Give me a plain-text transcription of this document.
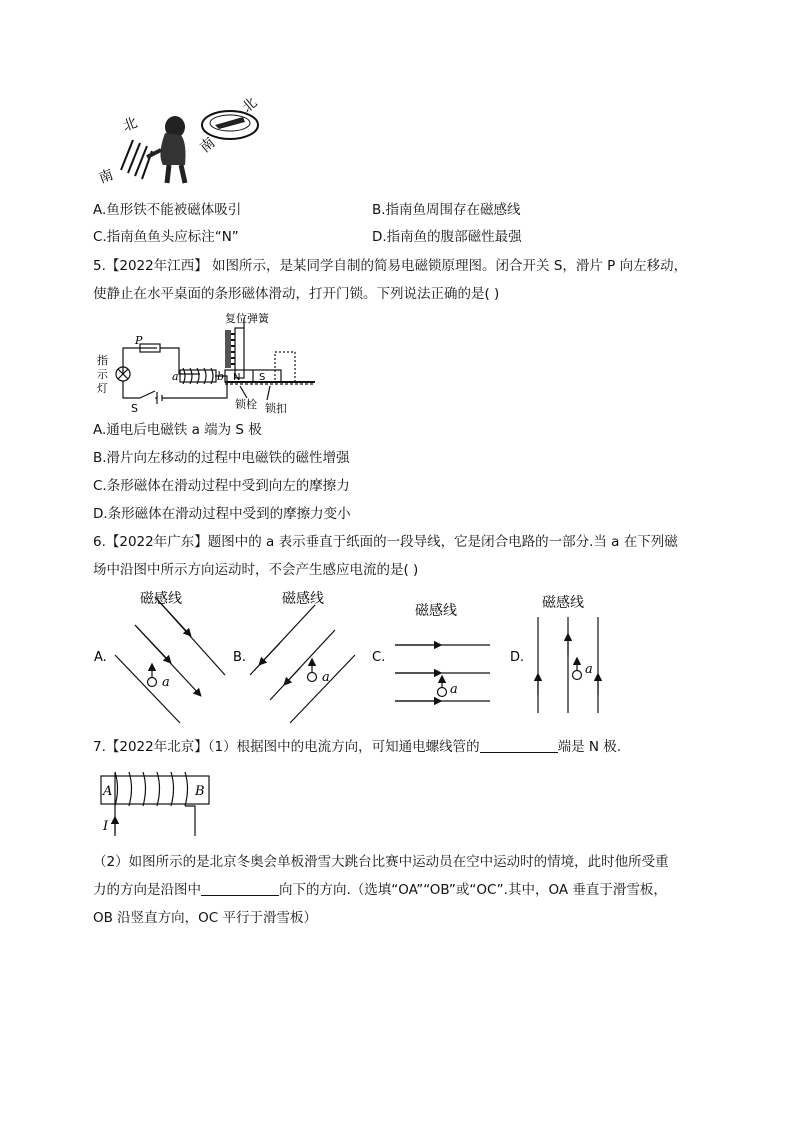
北
南
北
南
A.鱼形铁不能被磁体吸引	B.指南鱼周围存在磁感线
C.指南鱼鱼头应标注“N”	D.指南鱼的腹部磁性最强
5.【2022年江西】 如图所示，是某同学自制的简易电磁锁原理图。闭合开关 S，滑片 P 向左移动，
使静止在水平桌面的条形磁体滑动，打开门锁。下列说法正确的是( )
复位弹簧
P
指
示
灯
a	b
S
N S
锁栓 锁扣
A.通电后电磁铁 a 端为 S 极
B.滑片向左移动的过程中电磁铁的磁性增强
C.条形磁体在滑动过程中受到向左的摩擦力
D.条形磁体在滑动过程中受到的摩擦力变小
6.【2022年广东】题图中的 a 表示垂直于纸面的一段导线，它是闭合电路的一部分.当 a 在下列磁
场中沿图中所示方向运动时，不会产生感应电流的是( )
A.
磁感线
a
B.
磁感线
a
C.
磁感线
a
D.
磁感线
a
7.【2022年北京】（1）根据图中的电流方向，可知通电螺线管的	端是 N 极.
A	B
I
（2）如图所示的是北京冬奥会单板滑雪大跳台比赛中运动员在空中运动时的情境，此时他所受重
力的方向是沿图中	向下的方向.（选填“OA”“OB”或“OC”.其中，OA 垂直于滑雪板，
OB 沿竖直方向，OC 平行于滑雪板）
